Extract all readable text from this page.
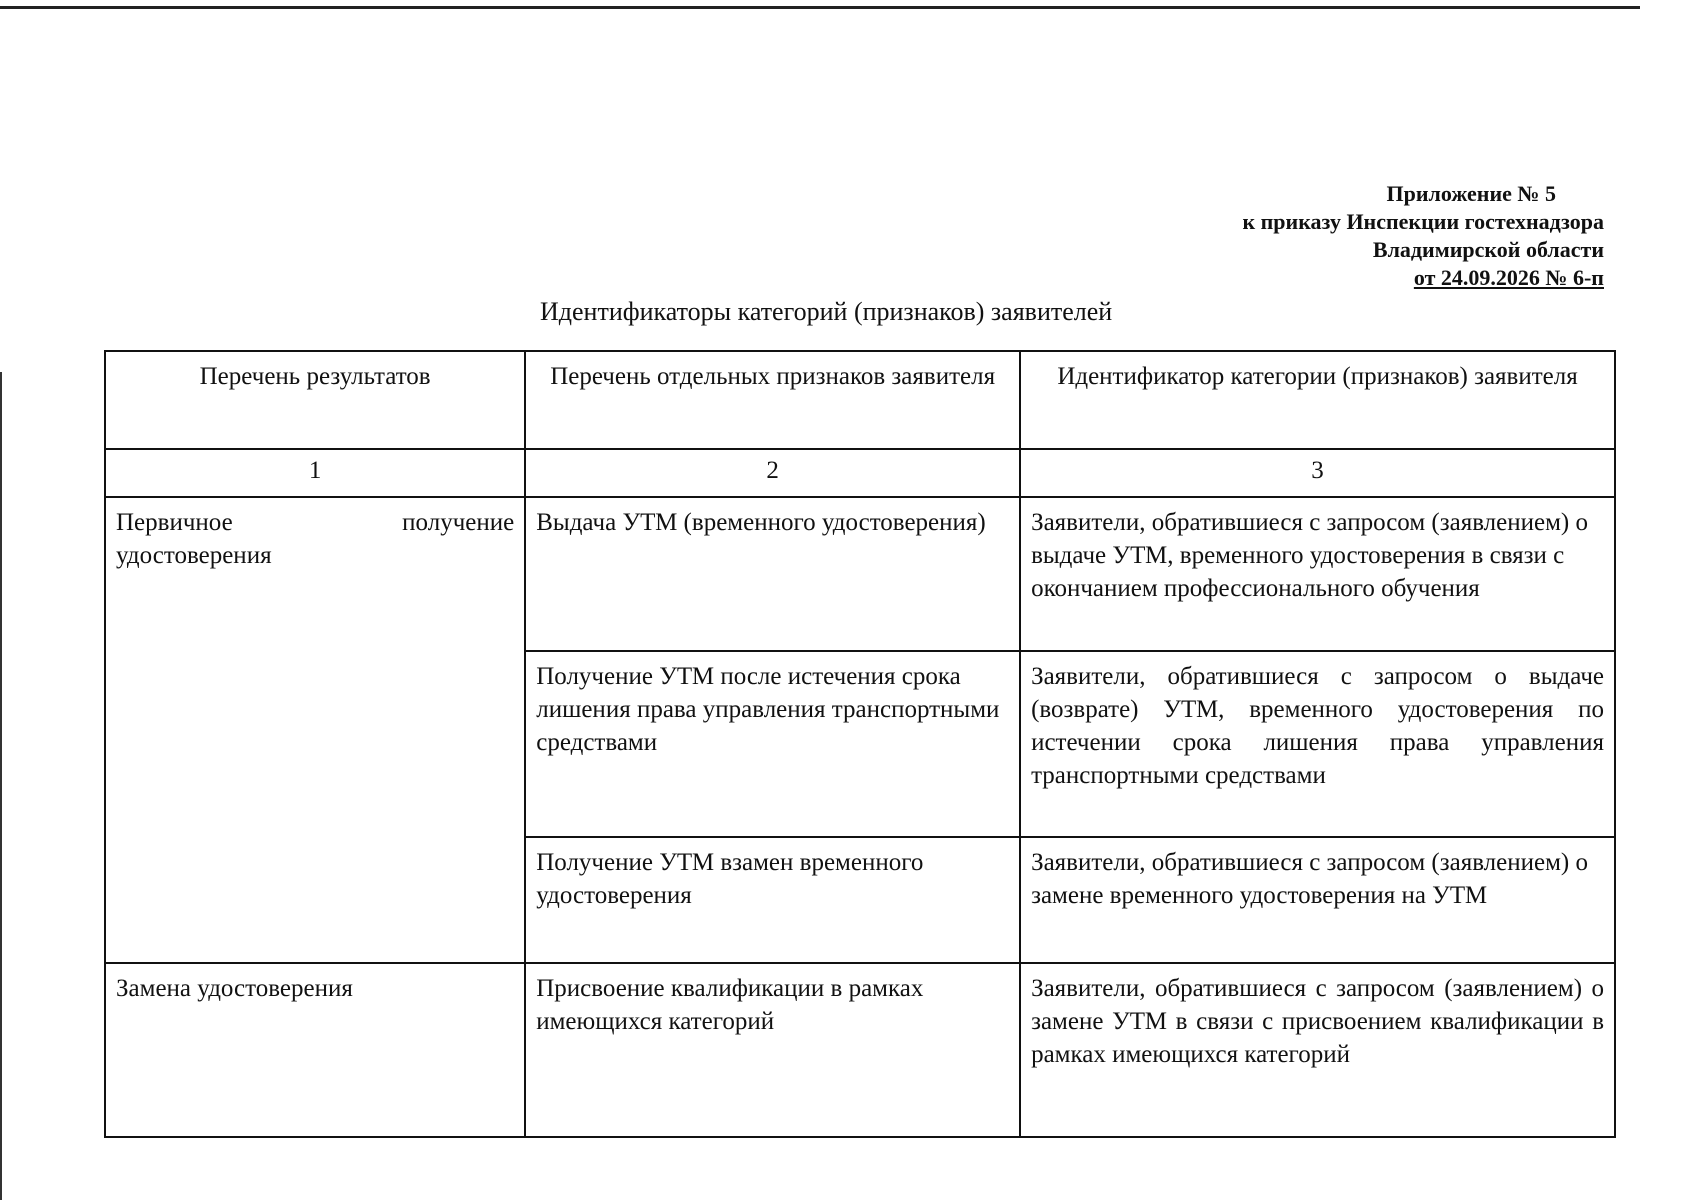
Приложение № 5
к приказу Инспекции гостехнадзора
Владимирской области
от 24.09.2026 № 6-п
Идентификаторы категорий (признаков) заявителей
Перечень результатов	Перечень отдельных признаков заявителя	Идентификатор категории (признаков) заявителя
1	2	3

Первичное получение
удостоверения	Выдача УТМ (временного удостоверения)	Заявители, обратившиеся с запросом (заявлением) о выдаче УТМ, временного удостоверения в связи с окончанием профессионального обучения
	Получение УТМ после истечения срока лишения права управления транспортными средствами	Заявители, обратившиеся с запросом о выдаче (возврате) УТМ, временного удостоверения по истечении срока лишения права управления транспортными средствами
	Получение УТМ взамен временного удостоверения	Заявители, обратившиеся с запросом (заявлением) о замене временного удостоверения на УТМ
Замена удостоверения	Присвоение квалификации в рамках имеющихся категорий	Заявители, обратившиеся с запросом (заявлением) о замене УТМ в связи с присвоением квалификации в рамках имеющихся категорий
